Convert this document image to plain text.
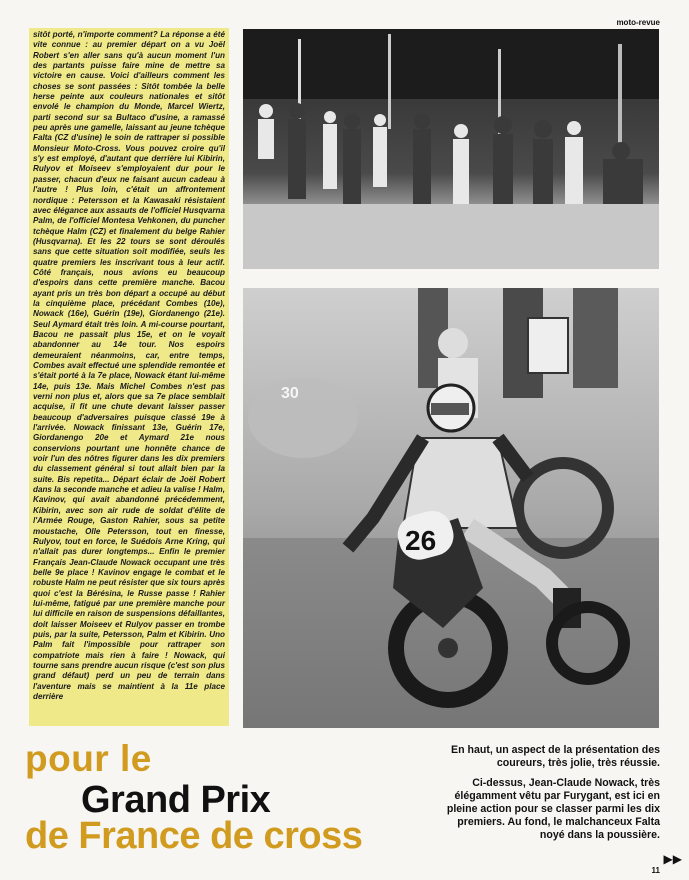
moto-revue

sitôt porté, n'importe comment? La réponse a été vite connue : au premier départ on a vu Joël Robert s'en aller sans qu'à aucun moment l'un des partants puisse faire mine de mettre sa victoire en cause. Voici d'ailleurs comment les choses se sont passées : Sitôt tombée la belle herse peinte aux couleurs nationales et sitôt envolé le champion du Monde, Marcel Wiertz, parti second sur sa Bultaco d'usine, a ramassé peu après une gamelle, laissant au jeune tchèque Falta (CZ d'usine) le soin de rattraper si possible Monsieur Moto-Cross. Vous pouvez croire qu'il s'y est employé, d'autant que derrière lui Kibirin, Rulyov et Moiseev s'employaient dur pour le passer, chacun d'eux ne faisant aucun cadeau à l'autre ! Plus loin, c'était un affrontement nordique : Petersson et la Kawasaki résistaient avec élégance aux assauts de l'officiel Husqvarna Palm, de l'officiel Montesa Vehkonen, du puncher tchèque Halm (CZ) et finalement du belge Rahier (Husqvarna). Et les 22 tours se sont déroulés sans que cette situation soit modifiée, seuls les quatre premiers les inscrivant tous à leur actif. Côté français, nous avions eu beaucoup d'espoirs dans cette première manche. Bacou ayant pris un très bon départ a occupé au début la cinquième place, précédant Combes (10e), Nowack (16e), Guérin (19e), Giordanengo (21e). Seul Aymard était très loin. A mi-course pourtant, Bacou ne passait plus 15e, et on le voyait abandonner au 14e tour. Nos espoirs demeuraient néanmoins, car, entre temps, Combes avait effectué une splendide remontée et s'était porté à la 7e place, Nowack étant lui-même 14e, puis 13e. Mais Michel Combes n'est pas verni non plus et, alors que sa 7e place semblait acquise, il fit une chute devant laisser passer beaucoup d'adversaires puisque classé 19e à l'arrivée. Nowack finissant 13e, Guérin 17e, Giordanengo 20e et Aymard 21e nous conservions pourtant une honnête chance de voir l'un des nôtres figurer dans les dix premiers du classement général si tout allait bien par la suite. Bis repetita... Départ éclair de Joël Robert dans la seconde manche et adieu la valise ! Halm, Kavinov, qui avait abandonné précédemment, Kibirin, avec son air rude de soldat d'élite de l'Armée Rouge, Gaston Rahier, sous sa petite moustache, Olle Petersson, tout en finesse, Rulyov, tout en force, le Suédois Arne Kring, qui n'allait pas durer longtemps... Enfin le premier Français Jean-Claude Nowack occupant une très belle 9e place ! Kavinov engage le combat et le robuste Halm ne peut résister que six tours après quoi c'est la Bérésina, le Russe passe ! Rahier lui-même, fatigué par une première manche pour lui difficile en raison de suspensions défaillantes, doit laisser Moiseev et Rulyov passer en trombe puis, par la suite, Petersson, Palm et Kibirin. Uno Palm fait l'impossible pour rattraper son compatriote mais rien à faire ! Nowack, qui tourne sans prendre aucun risque (c'est son plus grand défaut) perd un peu de terrain dans l'aventure mais se maintient à la 11e place derrière

26
30
pour le
Grand Prix
de France de cross

En haut, un aspect de la présentation des coureurs, très jolie, très réussie.

Ci-dessus, Jean-Claude Nowack, très élégamment vêtu par Furygant, est ici en pleine action pour se classer parmi les dix premiers. Au fond, le malchanceux Falta noyé dans la poussière.

▶▶
11
